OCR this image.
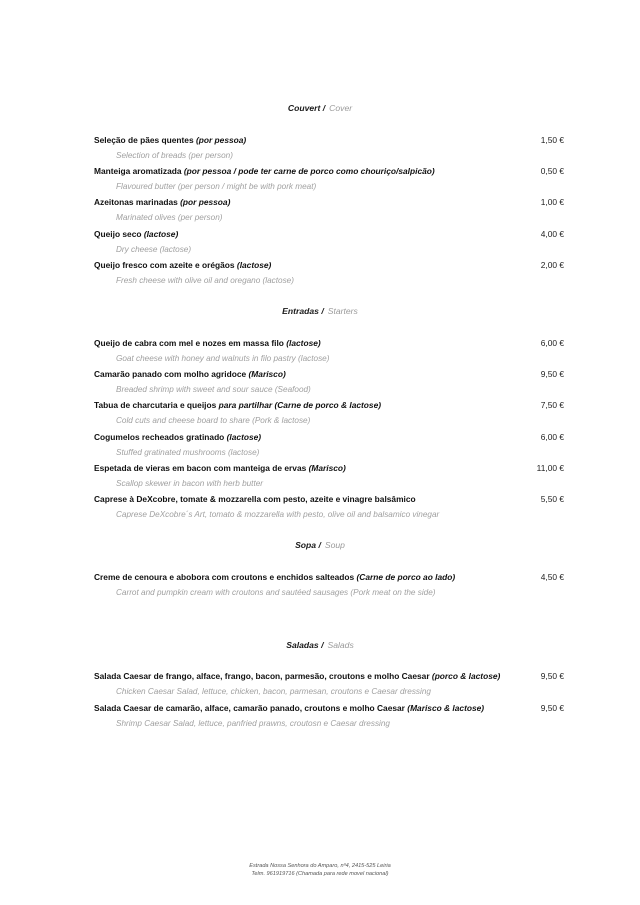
Couvert / Cover
Seleção de pães quentes (por pessoa)	1,50 €
Selection of breads (per person)
Manteiga aromatizada (por pessoa / pode ter carne de porco como chouriço/salpicão)	0,50 €
Flavoured butter (per person / might be with pork meat)
Azeitonas marinadas (por pessoa)	1,00 €
Marinated olives (per person)
Queijo seco (lactose)	4,00 €
Dry cheese (lactose)
Queijo fresco com azeite e orégãos (lactose)	2,00 €
Fresh cheese with olive oil and oregano (lactose)
Entradas / Starters
Queijo de cabra com mel e nozes em massa filo (lactose)	6,00 €
Goat cheese with honey and walnuts in filo pastry (lactose)
Camarão panado com molho agridoce (Marisco)	9,50 €
Breaded shrimp with sweet and sour sauce (Seafood)
Tabua de charcutaria e queijos para partilhar (Carne de porco & lactose)	7,50 €
Cold cuts and cheese board to share (Pork & lactose)
Cogumelos recheados gratinado (lactose)	6,00 €
Stuffed gratinated mushrooms (lactose)
Espetada de vieras em bacon com manteiga de ervas (Marisco)	11,00 €
Scallop skewer in bacon with herb butter
Caprese à DeXcobre, tomate & mozzarella com pesto, azeite e vinagre balsâmico	5,50 €
Caprese DeXcobre´s Art, tomato & mozzarella with pesto, olive oil and balsamico vinegar
Sopa / Soup
Creme de cenoura e abobora com croutons e enchidos salteados (Carne de porco ao lado)	4,50 €
Carrot and pumpkin cream with croutons and sautéed sausages (Pork meat on the side)
Saladas / Salads
Salada Caesar de frango, alface, frango, bacon, parmesão, croutons e molho Caesar (porco & lactose)	9,50 €
Chicken Caesar Salad, lettuce, chicken, bacon, parmesan, croutons e Caesar dressing
Salada Caesar de camarão, alface, camarão panado, croutons e molho Caesar (Marisco & lactose)	9,50 €
Shrimp Caesar Salad, lettuce, panfried prawns, croutosn e Caesar dressing
Estrada Nossa Senhora do Amparo, nº4, 2415-525 Leiria
Telm. 961919716 (Chamada para rede movel nacional)
